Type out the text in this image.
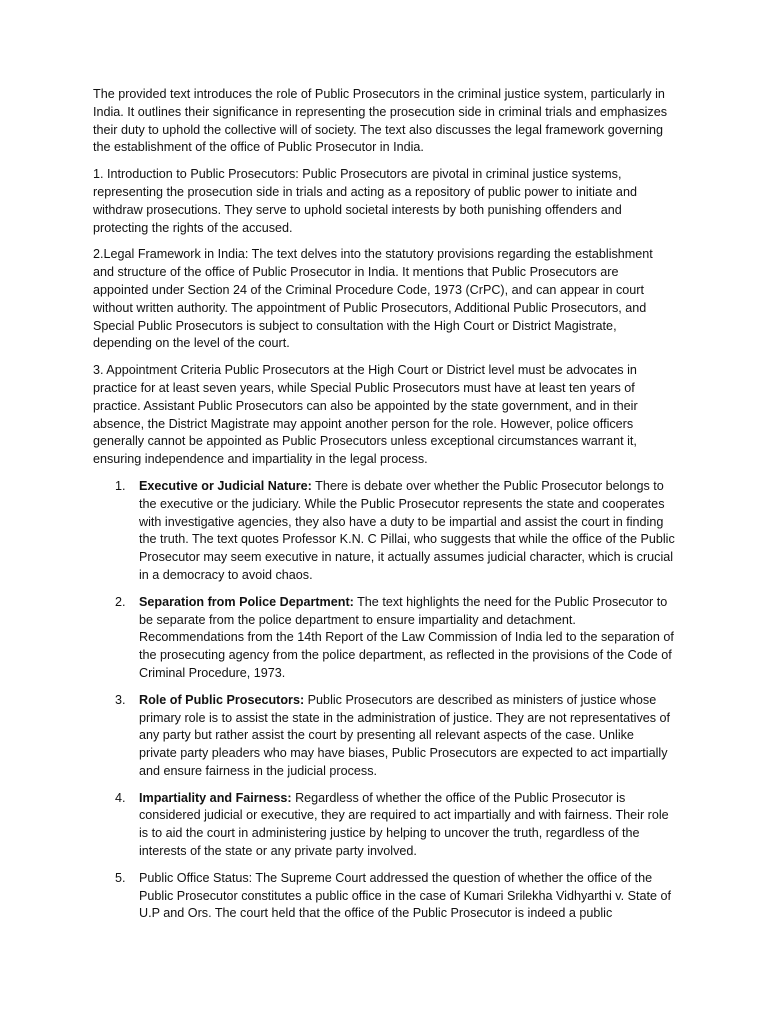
The provided text introduces the role of Public Prosecutors in the criminal justice system, particularly in India. It outlines their significance in representing the prosecution side in criminal trials and emphasizes their duty to uphold the collective will of society. The text also discusses the legal framework governing the establishment of the office of Public Prosecutor in India.

1. Introduction to Public Prosecutors: Public Prosecutors are pivotal in criminal justice systems, representing the prosecution side in trials and acting as a repository of public power to initiate and withdraw prosecutions. They serve to uphold societal interests by both punishing offenders and protecting the rights of the accused.

2.Legal Framework in India: The text delves into the statutory provisions regarding the establishment and structure of the office of Public Prosecutor in India. It mentions that Public Prosecutors are appointed under Section 24 of the Criminal Procedure Code, 1973 (CrPC), and can appear in court without written authority. The appointment of Public Prosecutors, Additional Public Prosecutors, and Special Public Prosecutors is subject to consultation with the High Court or District Magistrate, depending on the level of the court.

3. Appointment Criteria Public Prosecutors at the High Court or District level must be advocates in practice for at least seven years, while Special Public Prosecutors must have at least ten years of practice. Assistant Public Prosecutors can also be appointed by the state government, and in their absence, the District Magistrate may appoint another person for the role. However, police officers generally cannot be appointed as Public Prosecutors unless exceptional circumstances warrant it, ensuring independence and impartiality in the legal process.

1. Executive or Judicial Nature: There is debate over whether the Public Prosecutor belongs to the executive or the judiciary. While the Public Prosecutor represents the state and cooperates with investigative agencies, they also have a duty to be impartial and assist the court in finding the truth. The text quotes Professor K.N. C Pillai, who suggests that while the office of the Public Prosecutor may seem executive in nature, it actually assumes judicial character, which is crucial in a democracy to avoid chaos.
2. Separation from Police Department: The text highlights the need for the Public Prosecutor to be separate from the police department to ensure impartiality and detachment. Recommendations from the 14th Report of the Law Commission of India led to the separation of the prosecuting agency from the police department, as reflected in the provisions of the Code of Criminal Procedure, 1973.
3. Role of Public Prosecutors: Public Prosecutors are described as ministers of justice whose primary role is to assist the state in the administration of justice. They are not representatives of any party but rather assist the court by presenting all relevant aspects of the case. Unlike private party pleaders who may have biases, Public Prosecutors are expected to act impartially and ensure fairness in the judicial process.
4. Impartiality and Fairness: Regardless of whether the office of the Public Prosecutor is considered judicial or executive, they are required to act impartially and with fairness. Their role is to aid the court in administering justice by helping to uncover the truth, regardless of the interests of the state or any private party involved.
5. Public Office Status: The Supreme Court addressed the question of whether the office of the Public Prosecutor constitutes a public office in the case of Kumari Srilekha Vidhyarthi v. State of U.P and Ors. The court held that the office of the Public Prosecutor is indeed a public
